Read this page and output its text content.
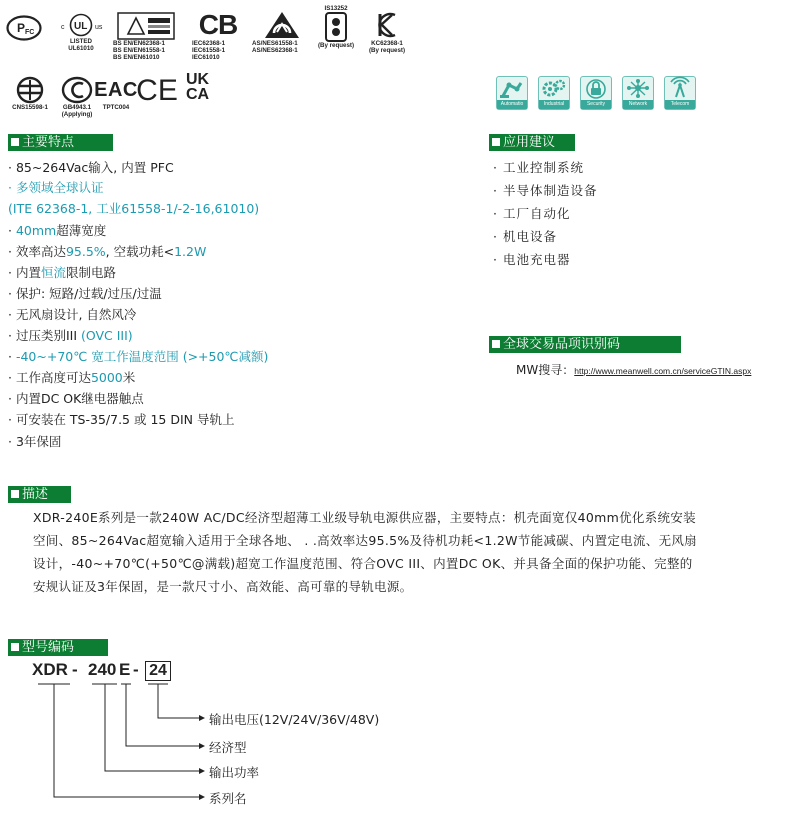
P FC
c	us
UL
LISTED
UL61010
BS EN/EN62368-1
BS EN/EN61558-1
BS EN/EN61010
CB
IEC62368-1
IEC61558-1
IEC61010
AS/NES61558-1
AS/NES62368-1
IS13252
(By request)	KC62368-1
(By request)
CNS15598-1	GB4943.1
(Applying)
EAC
TPTC004
CE UK
CA
Automatio	Industrial	Security	Network	Telecom
主要特点
· 85~264Vac输入, 内置 PFC
· 多领域全球认证
(ITE 62368-1, 工业61558-1/-2-16,61010)
· 40mm超薄宽度
· 效率高达95.5%, 空载功耗<1.2W
· 内置恒流限制电路
· 保护: 短路/过载/过压/过温
· 无风扇设计, 自然风冷
· 过压类别III (OVC III)
· -40~+70℃ 宽工作温度范围 (>+50℃减额)
· 工作高度可达5000米
· 内置DC OK继电器触点
· 可安装在 TS-35/7.5 或 15 DIN 导轨上
· 3年保固
应用建议
· 工业控制系统
· 半导体制造设备
· 工厂自动化
· 机电设备
· 电池充电器
全球交易品项识别码
MW搜寻：http://www.meanwell.com.cn/serviceGTIN.aspx
描述
XDR-240E系列是一款240W AC/DC经济型超薄工业级导轨电源供应器，主要特点：机壳面宽仅40mm优化系统安装
空间、85~264Vac超宽输入适用于全球各地、 . .高效率达95.5%及待机功耗<1.2W节能减碳、内置定电流、无风扇
设计，-40~+70℃(+50℃@满载)超宽工作温度范围、符合OVC III、内置DC OK、并具备全面的保护功能、完整的
安规认证及3年保固，是一款尺寸小、高效能、高可靠的导轨电源。
型号编码
XDR - 240 E - 24
输出电压(12V/24V/36V/48V)
经济型
输出功率
系列名
